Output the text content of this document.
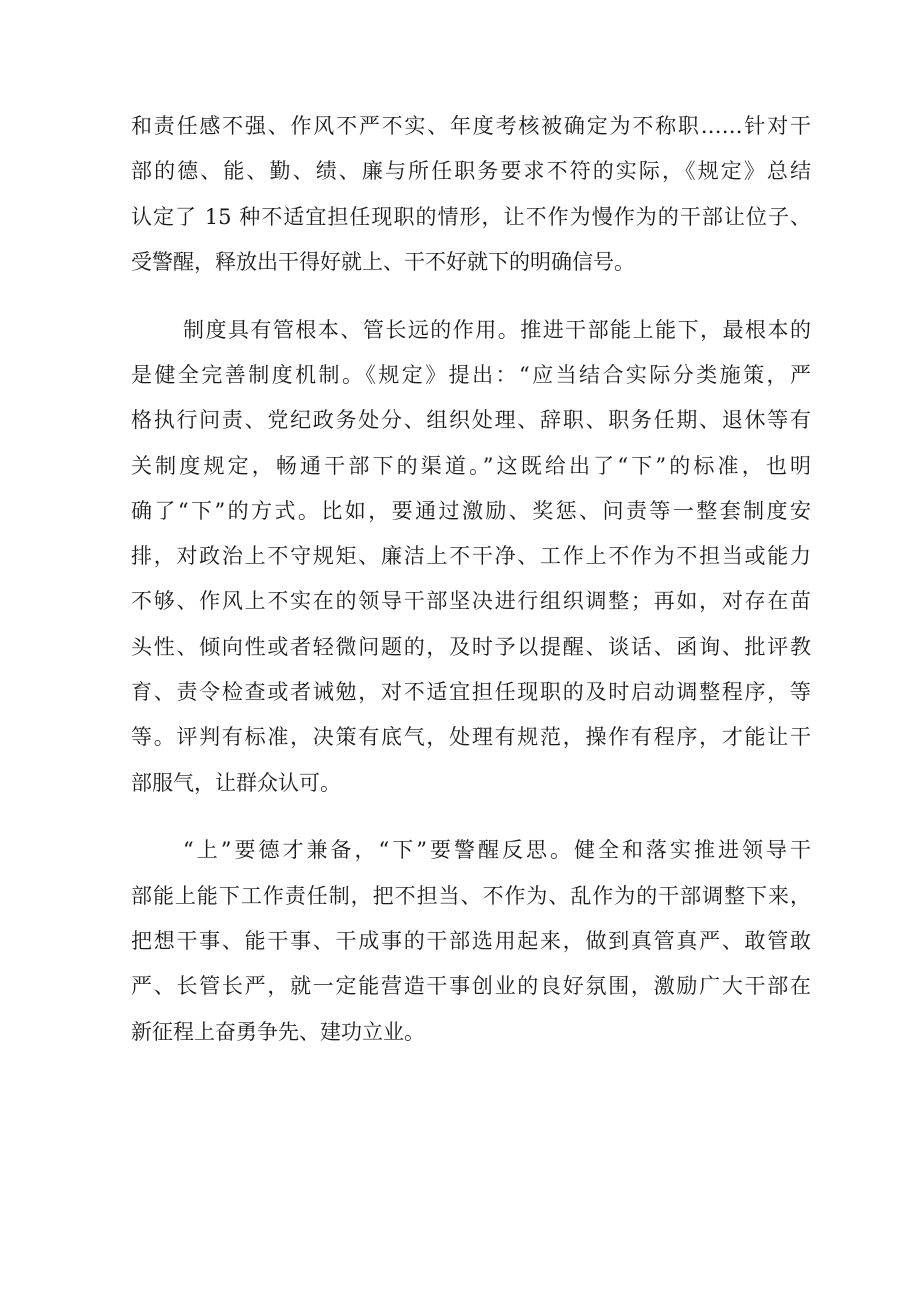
和责任感不强、作风不严不实、年度考核被确定为不称职……针对干
部的德、能、勤、绩、廉与所任职务要求不符的实际，《规定》总结
认定了 15 种不适宜担任现职的情形，让不作为慢作为的干部让位子、
受警醒，释放出干得好就上、干不好就下的明确信号。
制度具有管根本、管长远的作用。推进干部能上能下，最根本的
是健全完善制度机制。《规定》提出：“应当结合实际分类施策，严
格执行问责、党纪政务处分、组织处理、辞职、职务任期、退休等有
关制度规定，畅通干部下的渠道。”这既给出了“下”的标准，也明
确了“下”的方式。比如，要通过激励、奖惩、问责等一整套制度安
排，对政治上不守规矩、廉洁上不干净、工作上不作为不担当或能力
不够、作风上不实在的领导干部坚决进行组织调整；再如，对存在苗
头性、倾向性或者轻微问题的，及时予以提醒、谈话、函询、批评教
育、责令检查或者诫勉，对不适宜担任现职的及时启动调整程序，等
等。评判有标准，决策有底气，处理有规范，操作有程序，才能让干
部服气，让群众认可。
“上”要德才兼备，“下”要警醒反思。健全和落实推进领导干
部能上能下工作责任制，把不担当、不作为、乱作为的干部调整下来，
把想干事、能干事、干成事的干部选用起来，做到真管真严、敢管敢
严、长管长严，就一定能营造干事创业的良好氛围，激励广大干部在
新征程上奋勇争先、建功立业。
